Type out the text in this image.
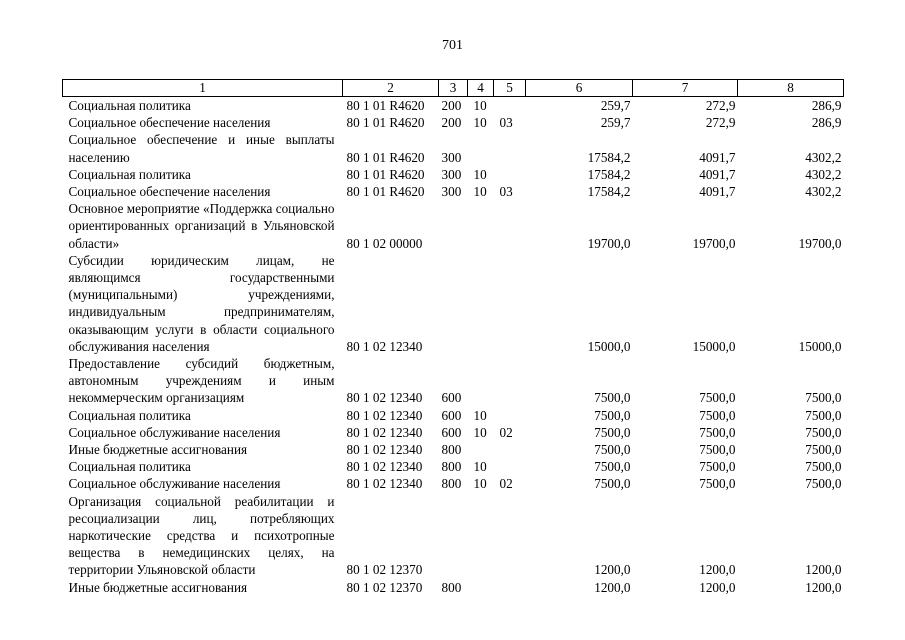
701
1	2	3	4	5	6	7	8
Социальная политика	80 1 01 R4620	200	10		259,7	272,9	286,9
Социальное обеспечение населения	80 1 01 R4620	200	10	03	259,7	272,9	286,9
Социальное обеспечение и иные выплаты населению	80 1 01 R4620	300			17584,2	4091,7	4302,2
Социальная политика	80 1 01 R4620	300	10		17584,2	4091,7	4302,2
Социальное обеспечение населения	80 1 01 R4620	300	10	03	17584,2	4091,7	4302,2
Основное мероприятие «Поддержка социально ориентированных организаций в Ульяновской области»	80 1 02 00000				19700,0	19700,0	19700,0
Субсидии юридическим лицам, не являющимся государственными (муниципальными) учреждениями, индивидуальным предпринимателям, оказывающим услуги в области социального обслуживания населения	80 1 02 12340				15000,0	15000,0	15000,0
Предоставление субсидий бюджетным, автономным учреждениям и иным некоммерческим организациям	80 1 02 12340	600			7500,0	7500,0	7500,0
Социальная политика	80 1 02 12340	600	10		7500,0	7500,0	7500,0
Социальное обслуживание населения	80 1 02 12340	600	10	02	7500,0	7500,0	7500,0
Иные бюджетные ассигнования	80 1 02 12340	800			7500,0	7500,0	7500,0
Социальная политика	80 1 02 12340	800	10		7500,0	7500,0	7500,0
Социальное обслуживание населения	80 1 02 12340	800	10	02	7500,0	7500,0	7500,0
Организация социальной реабилитации и ресоциализации лиц, потребляющих наркотические средства и психотропные вещества в немедицинских целях, на территории Ульяновской области	80 1 02 12370				1200,0	1200,0	1200,0
Иные бюджетные ассигнования	80 1 02 12370	800			1200,0	1200,0	1200,0
